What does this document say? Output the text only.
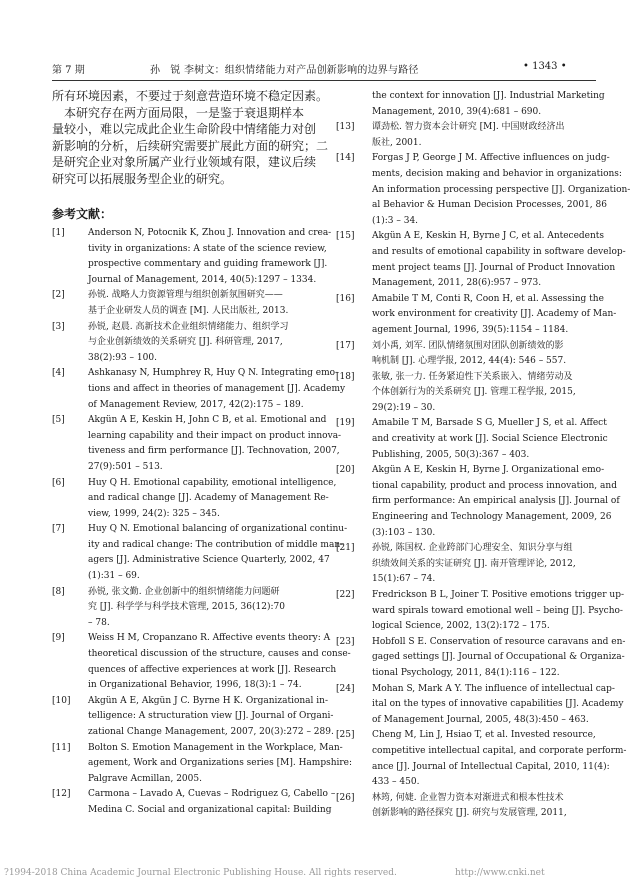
第 7 期	孙　锐 李树文：组织情绪能力对产品创新影响的边界与路径	• 1343 •

所有环境因素，不要过于刻意营造环境不稳定因素。
　本研究存在两方面局限，一是鉴于衰退期样本
量较小，难以完成此企业生命阶段中情绪能力对创
新影响的分析，后续研究需要扩展此方面的研究；二
是研究企业对象所属产业行业领域有限，建议后续
研究可以拓展服务型企业的研究。

参考文献：
[1]	Anderson N, Potocnik K, Zhou J. Innovation and crea-
tivity in organizations: A state of the science review,
prospective commentary and guiding framework [J].
Journal of Management, 2014, 40(5):1297 – 1334.
[2]	孙锐. 战略人力资源管理与组织创新氛围研究——
基于企业研发人员的调查 [M]. 人民出版社, 2013.
[3]	孙锐, 赵晨. 高新技术企业组织情绪能力、组织学习
与企业创新绩效的关系研究 [J]. 科研管理, 2017,
38(2):93 – 100.
[4]	Ashkanasy N, Humphrey R, Huy Q N. Integrating emo-
tions and affect in theories of management [J]. Academy
of Management Review, 2017, 42(2):175 – 189.
[5]	Akgün A E, Keskin H, John C B, et al. Emotional and
learning capability and their impact on product innova-
tiveness and firm performance [J]. Technovation, 2007,
27(9):501 – 513.
[6]	Huy Q H. Emotional capability, emotional intelligence,
and radical change [J]. Academy of Management Re-
view, 1999, 24(2): 325 – 345.
[7]	Huy Q N. Emotional balancing of organizational continu-
ity and radical change: The contribution of middle man-
agers [J]. Administrative Science Quarterly, 2002, 47
(1):31 – 69.
[8]	孙锐, 张文勤. 企业创新中的组织情绪能力问题研
究 [J]. 科学学与科学技术管理, 2015, 36(12):70
– 78.
[9]	Weiss H M, Cropanzano R. Affective events theory: A
theoretical discussion of the structure, causes and conse-
quences of affective experiences at work [J]. Research
in Organizational Behavior, 1996, 18(3):1 – 74.
[10]	Akgün A E, Akgün J C. Byrne H K. Organizational in-
telligence: A structuration view [J]. Journal of Organi-
zational Change Management, 2007, 20(3):272 – 289.
[11]	Bolton S. Emotion Management in the Workplace, Man-
agement, Work and Organizations series [M]. Hampshire:
Palgrave Acmillan, 2005.
[12]	Carmona – Lavado A, Cuevas – Rodriguez G, Cabello –
Medina C. Social and organizational capital: Building
the context for innovation [J]. Industrial Marketing
Management, 2010, 39(4):681 – 690.
[13]	谭劲松. 智力资本会计研究 [M]. 中国财政经济出
版社, 2001.
[14]	Forgas J P, George J M. Affective influences on judg-
ments, decision making and behavior in organizations:
An information processing perspective [J]. Organization-
al Behavior & Human Decision Processes, 2001, 86
(1):3 – 34.
[15]	Akgün A E, Keskin H, Byrne J C, et al. Antecedents
and results of emotional capability in software develop-
ment project teams [J]. Journal of Product Innovation
Management, 2011, 28(6):957 – 973.
[16]	Amabile T M, Conti R, Coon H, et al. Assessing the
work environment for creativity [J]. Academy of Man-
agement Journal, 1996, 39(5):1154 – 1184.
[17]	刘小禹, 刘军. 团队情绪氛围对团队创新绩效的影
响机制 [J]. 心理学报, 2012, 44(4): 546 – 557.
[18]	张敏, 张一力. 任务紧迫性下关系嵌入、情绪劳动及
个体创新行为的关系研究 [J]. 管理工程学报, 2015,
29(2):19 – 30.
[19]	Amabile T M, Barsade S G, Mueller J S, et al. Affect
and creativity at work [J]. Social Science Electronic
Publishing, 2005, 50(3):367 – 403.
[20]	Akgün A E, Keskin H, Byrne J. Organizational emo-
tional capability, product and process innovation, and
firm performance: An empirical analysis [J]. Journal of
Engineering and Technology Management, 2009, 26
(3):103 – 130.
[21]	孙锐, 陈国权. 企业跨部门心理安全、知识分享与组
织绩效间关系的实证研究 [J]. 南开管理评论, 2012,
15(1):67 – 74.
[22]	Fredrickson B L, Joiner T. Positive emotions trigger up-
ward spirals toward emotional well – being [J]. Psycho-
logical Science, 2002, 13(2):172 – 175.
[23]	Hobfoll S E. Conservation of resource caravans and en-
gaged settings [J]. Journal of Occupational & Organiza-
tional Psychology, 2011, 84(1):116 – 122.
[24]	Mohan S, Mark A Y. The influence of intellectual cap-
ital on the types of innovative capabilities [J]. Academy
of Management Journal, 2005, 48(3):450 – 463.
[25]	Cheng M, Lin J, Hsiao T, et al. Invested resource,
competitive intellectual capital, and corporate perform-
ance [J]. Journal of Intellectual Capital, 2010, 11(4):
433 – 450.
[26]	林筠, 何婕. 企业智力资本对渐进式和根本性技术
创新影响的路径探究 [J]. 研究与发展管理, 2011,
?1994-2018 China Academic Journal Electronic Publishing House. All rights reserved.	http://www.cnki.net
